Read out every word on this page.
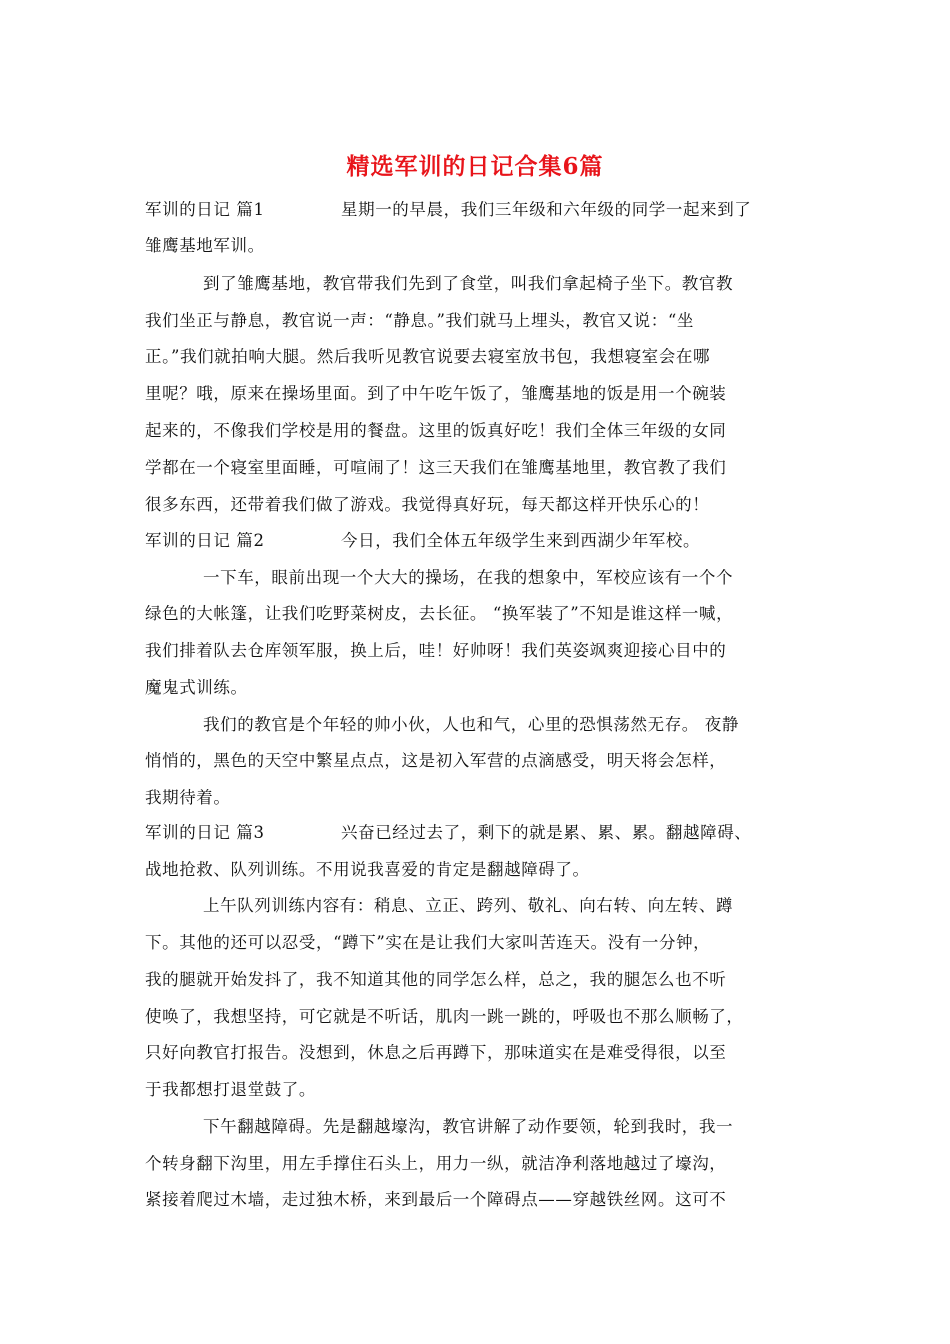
精选军训的日记合集6篇
军训的日记 篇1	星期一的早晨，我们三年级和六年级的同学一起来到了
雏鹰基地军训。
到了雏鹰基地，教官带我们先到了食堂，叫我们拿起椅子坐下。教官教
我们坐正与静息，教官说一声：“静息。”我们就马上埋头，教官又说：“坐
正。”我们就拍响大腿。然后我听见教官说要去寝室放书包，我想寝室会在哪
里呢？哦，原来在操场里面。到了中午吃午饭了，雏鹰基地的饭是用一个碗装
起来的，不像我们学校是用的餐盘。这里的饭真好吃！我们全体三年级的女同
学都在一个寝室里面睡，可喧闹了！这三天我们在雏鹰基地里，教官教了我们
很多东西，还带着我们做了游戏。我觉得真好玩，每天都这样开快乐心的！
军训的日记 篇2	今日，我们全体五年级学生来到西湖少年军校。
一下车，眼前出现一个大大的操场，在我的想象中，军校应该有一个个
绿色的大帐篷，让我们吃野菜树皮，去长征。 “换军装了”不知是谁这样一喊，
我们排着队去仓库领军服，换上后，哇！好帅呀！我们英姿飒爽迎接心目中的
魔鬼式训练。
我们的教官是个年轻的帅小伙，人也和气，心里的恐惧荡然无存。 夜静
悄悄的，黑色的天空中繁星点点，这是初入军营的点滴感受，明天将会怎样，
我期待着。
军训的日记 篇3	兴奋已经过去了，剩下的就是累、累、累。翻越障碍、
战地抢救、队列训练。不用说我喜爱的肯定是翻越障碍了。
上午队列训练内容有：稍息、立正、跨列、敬礼、向右转、向左转、蹲
下。其他的还可以忍受，“蹲下”实在是让我们大家叫苦连天。没有一分钟，
我的腿就开始发抖了，我不知道其他的同学怎么样，总之，我的腿怎么也不听
使唤了，我想坚持，可它就是不听话，肌肉一跳一跳的，呼吸也不那么顺畅了，
只好向教官打报告。没想到，休息之后再蹲下，那味道实在是难受得很，以至
于我都想打退堂鼓了。
下午翻越障碍。先是翻越壕沟，教官讲解了动作要领，轮到我时，我一
个转身翻下沟里，用左手撑住石头上，用力一纵，就洁净利落地越过了壕沟，
紧接着爬过木墙，走过独木桥，来到最后一个障碍点——穿越铁丝网。这可不
